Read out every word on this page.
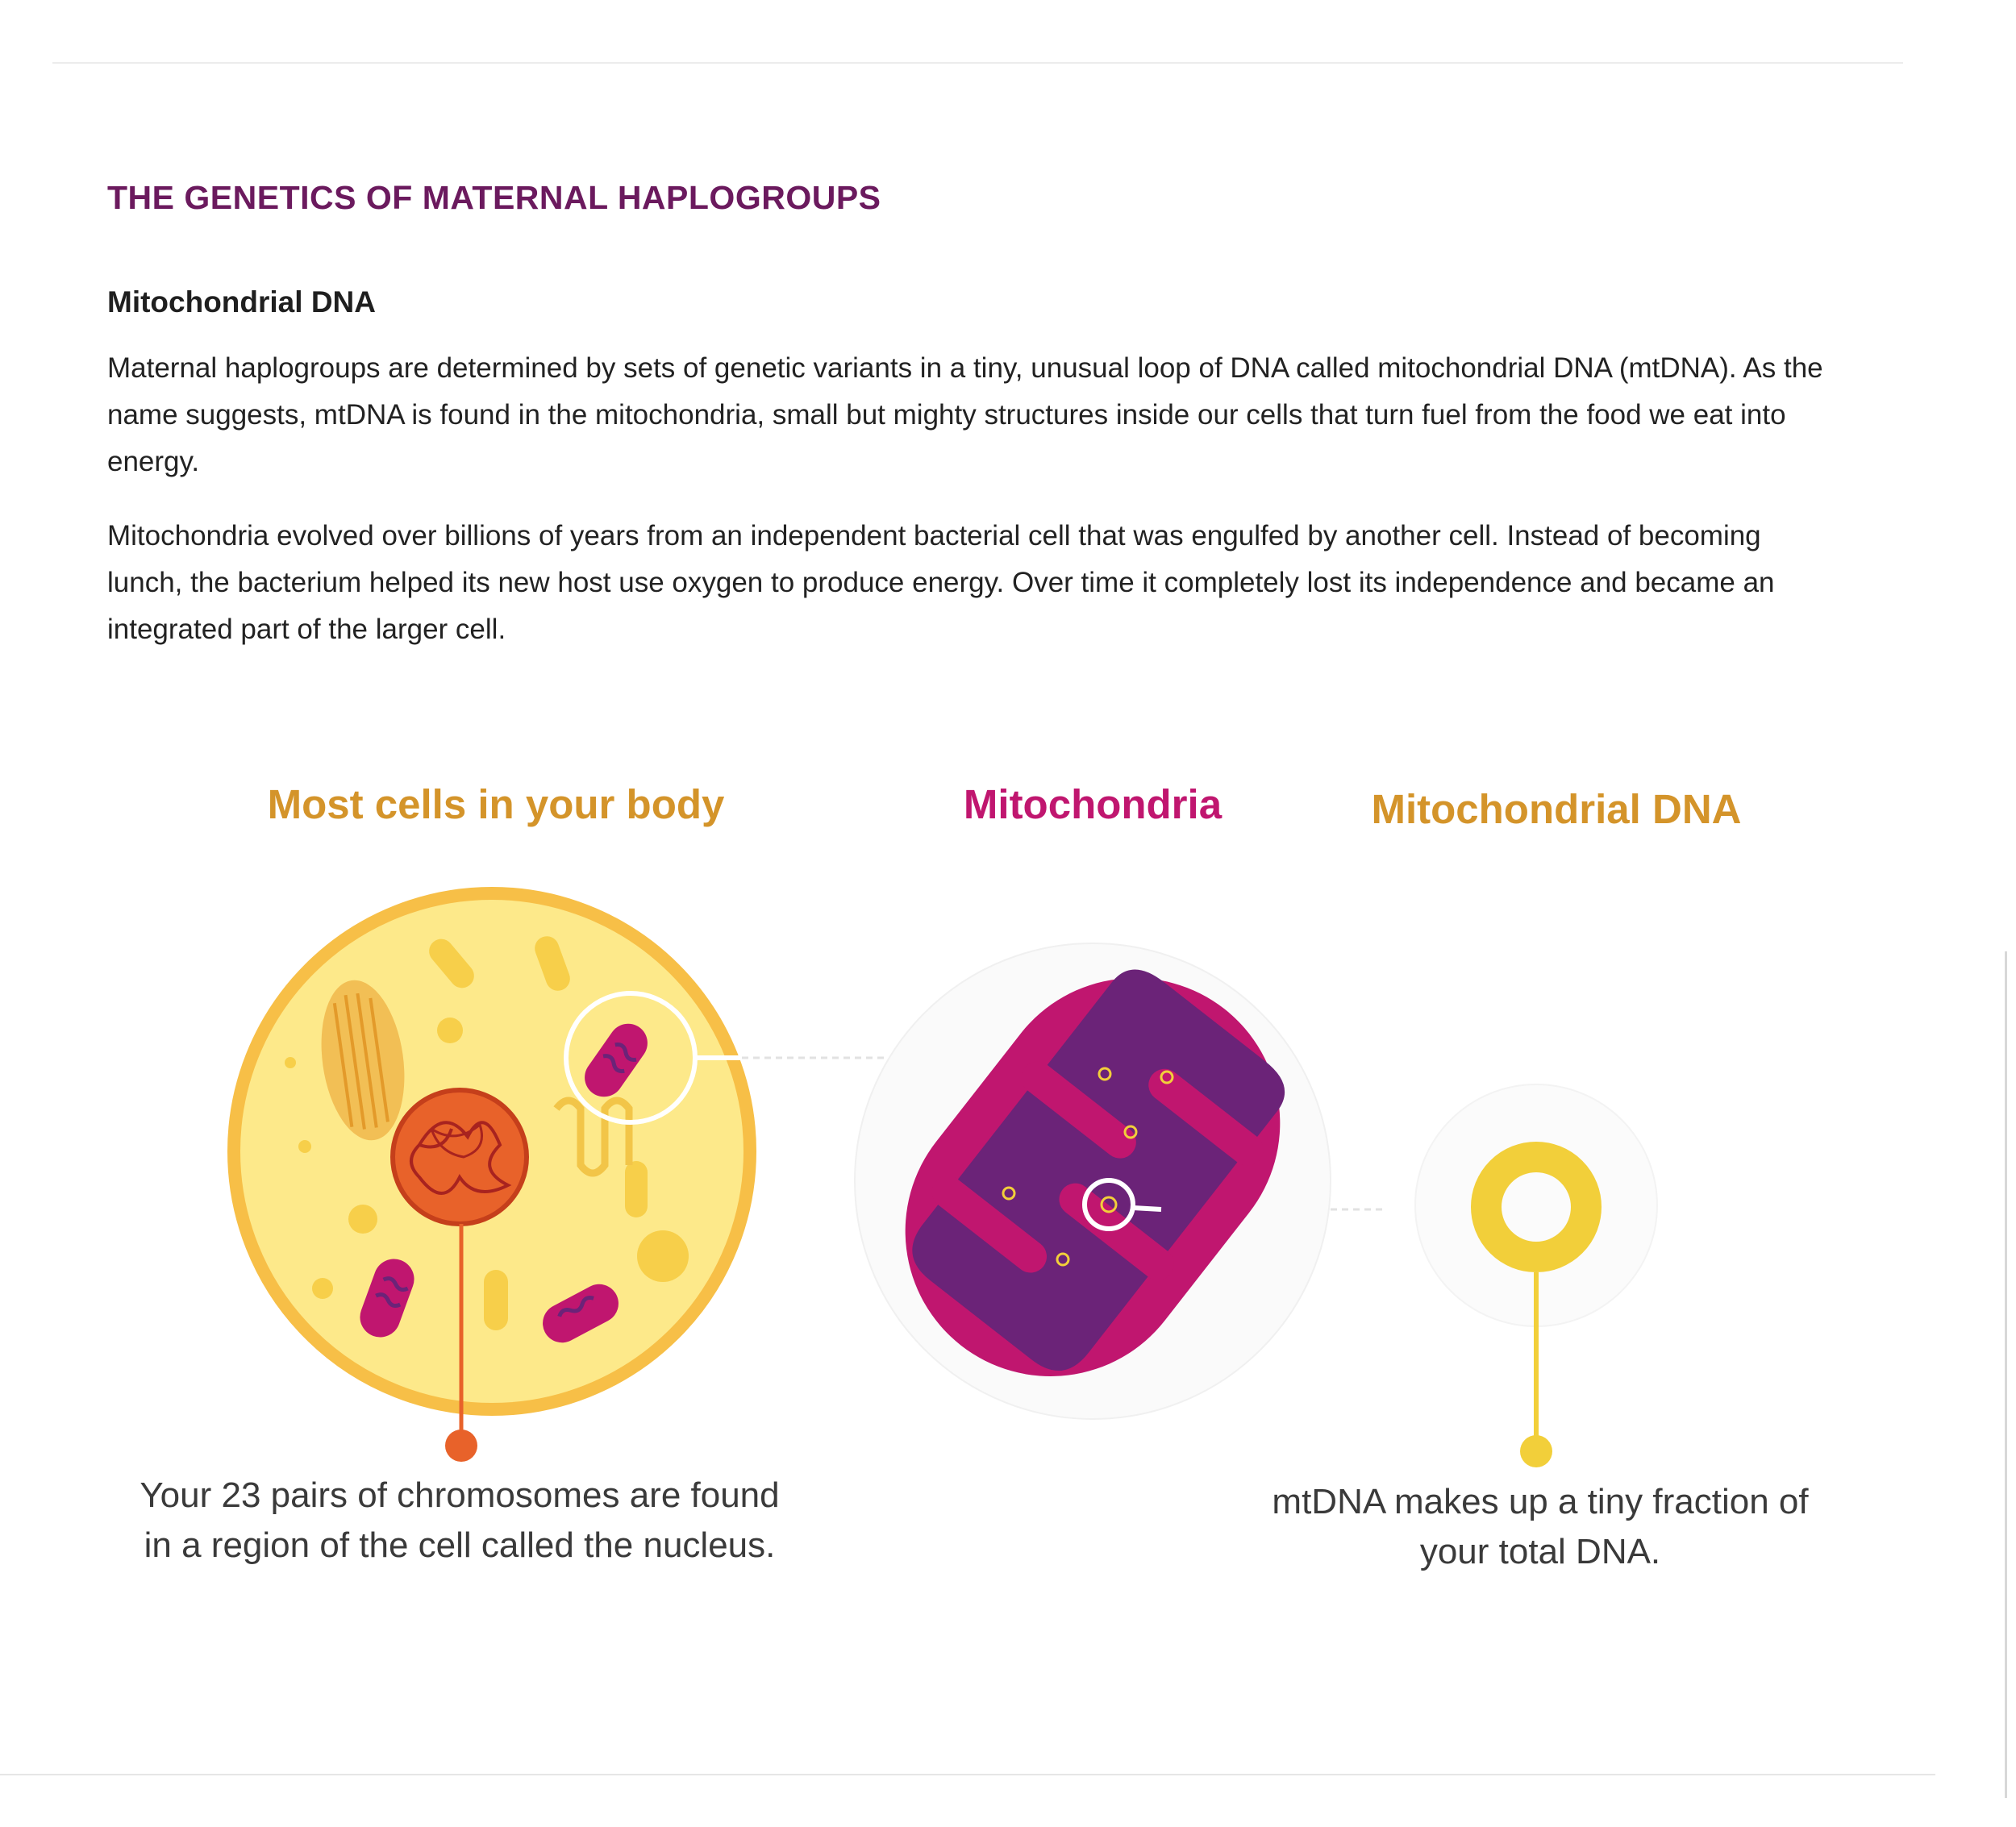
THE GENETICS OF MATERNAL HAPLOGROUPS
Mitochondrial DNA

Maternal haplogroups are determined by sets of genetic variants in a tiny, unusual loop of DNA called mitochondrial DNA (mtDNA). As the name suggests, mtDNA is found in the mitochondria, small but mighty structures inside our cells that turn fuel from the food we eat into energy.

Mitochondria evolved over billions of years from an independent bacterial cell that was engulfed by another cell. Instead of becoming lunch, the bacterium helped its new host use oxygen to produce energy. Over time it completely lost its independence and became an integrated part of the larger cell.

Most cells in your body	Mitochondria	Mitochondrial DNA

Your 23 pairs of chromosomes are found in a region of the cell called the nucleus.

mtDNA makes up a tiny fraction of your total DNA.
